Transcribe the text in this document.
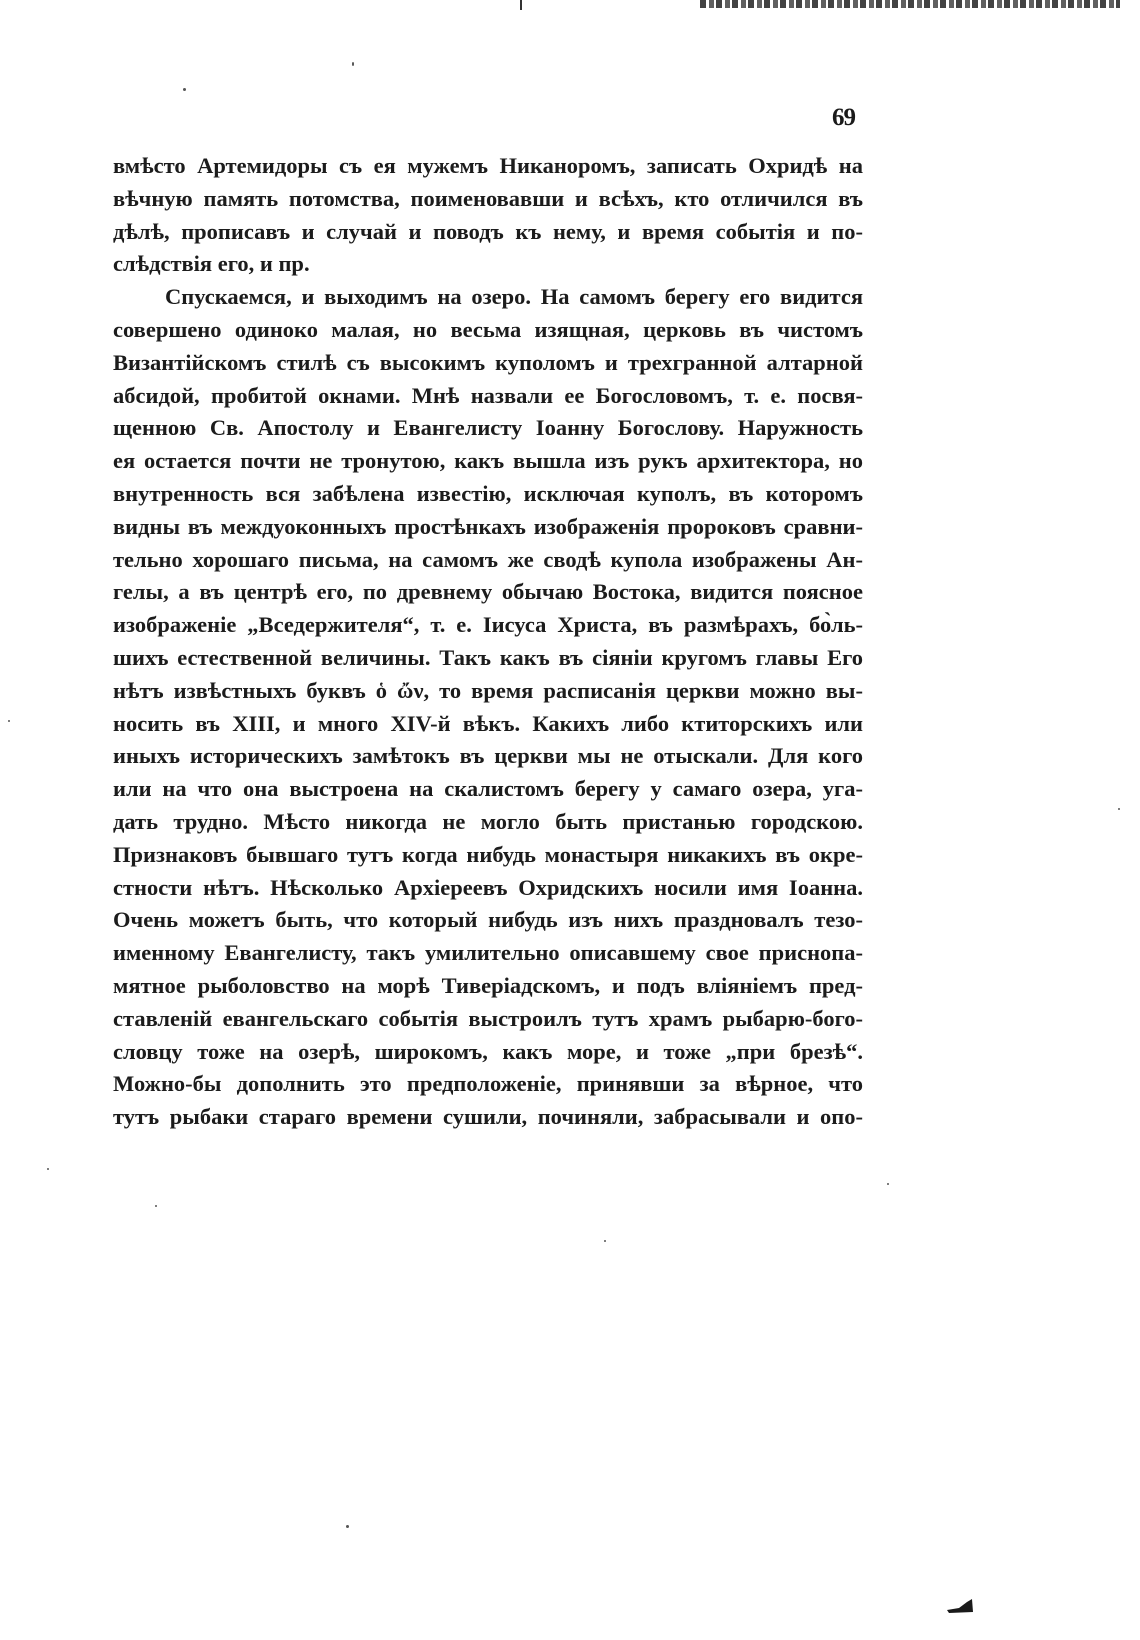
69
вмѣсто Артемидоры съ ея мужемъ Никаноромъ, записать Охридѣ на
вѣчную память потомства, поименовавши и всѣхъ, кто отличился въ
дѣлѣ, прописавъ и случай и поводъ къ нему, и время событія и по-
слѣдствія его, и пр.
Спускаемся, и выходимъ на озеро. На самомъ берегу его видится
совершено одиноко малая, но весьма изящная, церковь въ чистомъ
Византійскомъ стилѣ съ высокимъ куполомъ и трехгранной алтарной
абсидой, пробитой окнами. Мнѣ назвали ее Богословомъ, т. е. посвя-
щенною Св. Апостолу и Евангелисту Іоанну Богослову. Наружность
ея остается почти не тронутою, какъ вышла изъ рукъ архитектора, но
внутренность вся забѣлена известію, исключая куполъ, въ которомъ
видны въ междуоконныхъ простѣнкахъ изображенія пророковъ сравни-
тельно хорошаго письма, на самомъ же сводѣ купола изображены Ан-
гелы, а въ центрѣ его, по древнему обычаю Востока, видится поясное
изображеніе „Вседержителя“, т. е. Іисуса Христа, въ размѣрахъ, бо̀ль-
шихъ естественной величины. Такъ какъ въ сіяніи кругомъ главы Его
нѣтъ извѣстныхъ буквъ ὁ ὤν, то время расписанія церкви можно вы-
носить въ XIII, и много XIV-й вѣкъ. Какихъ либо ктиторскихъ или
иныхъ историческихъ замѣтокъ въ церкви мы не отыскали. Для кого
или на что она выстроена на скалистомъ берегу у самаго озера, уга-
дать трудно. Мѣсто никогда не могло быть пристанью городскою.
Признаковъ бывшаго тутъ когда нибудь монастыря никакихъ въ окре-
стности нѣтъ. Нѣсколько Архіереевъ Охридскихъ носили имя Іоанна.
Очень можетъ быть, что который нибудь изъ нихъ праздновалъ тезо-
именному Евангелисту, такъ умилительно описавшему свое приснопа-
мятное рыболовство на морѣ Тиверіадскомъ, и подъ вліяніемъ пред-
ставленій евангельскаго событія выстроилъ тутъ храмъ рыбарю-бого-
словцу тоже на озерѣ, широкомъ, какъ море, и тоже „при брезѣ“.
Можно-бы дополнить это предположеніе, принявши за вѣрное, что
тутъ рыбаки стараго времени сушили, починяли, забрасывали и опо-
